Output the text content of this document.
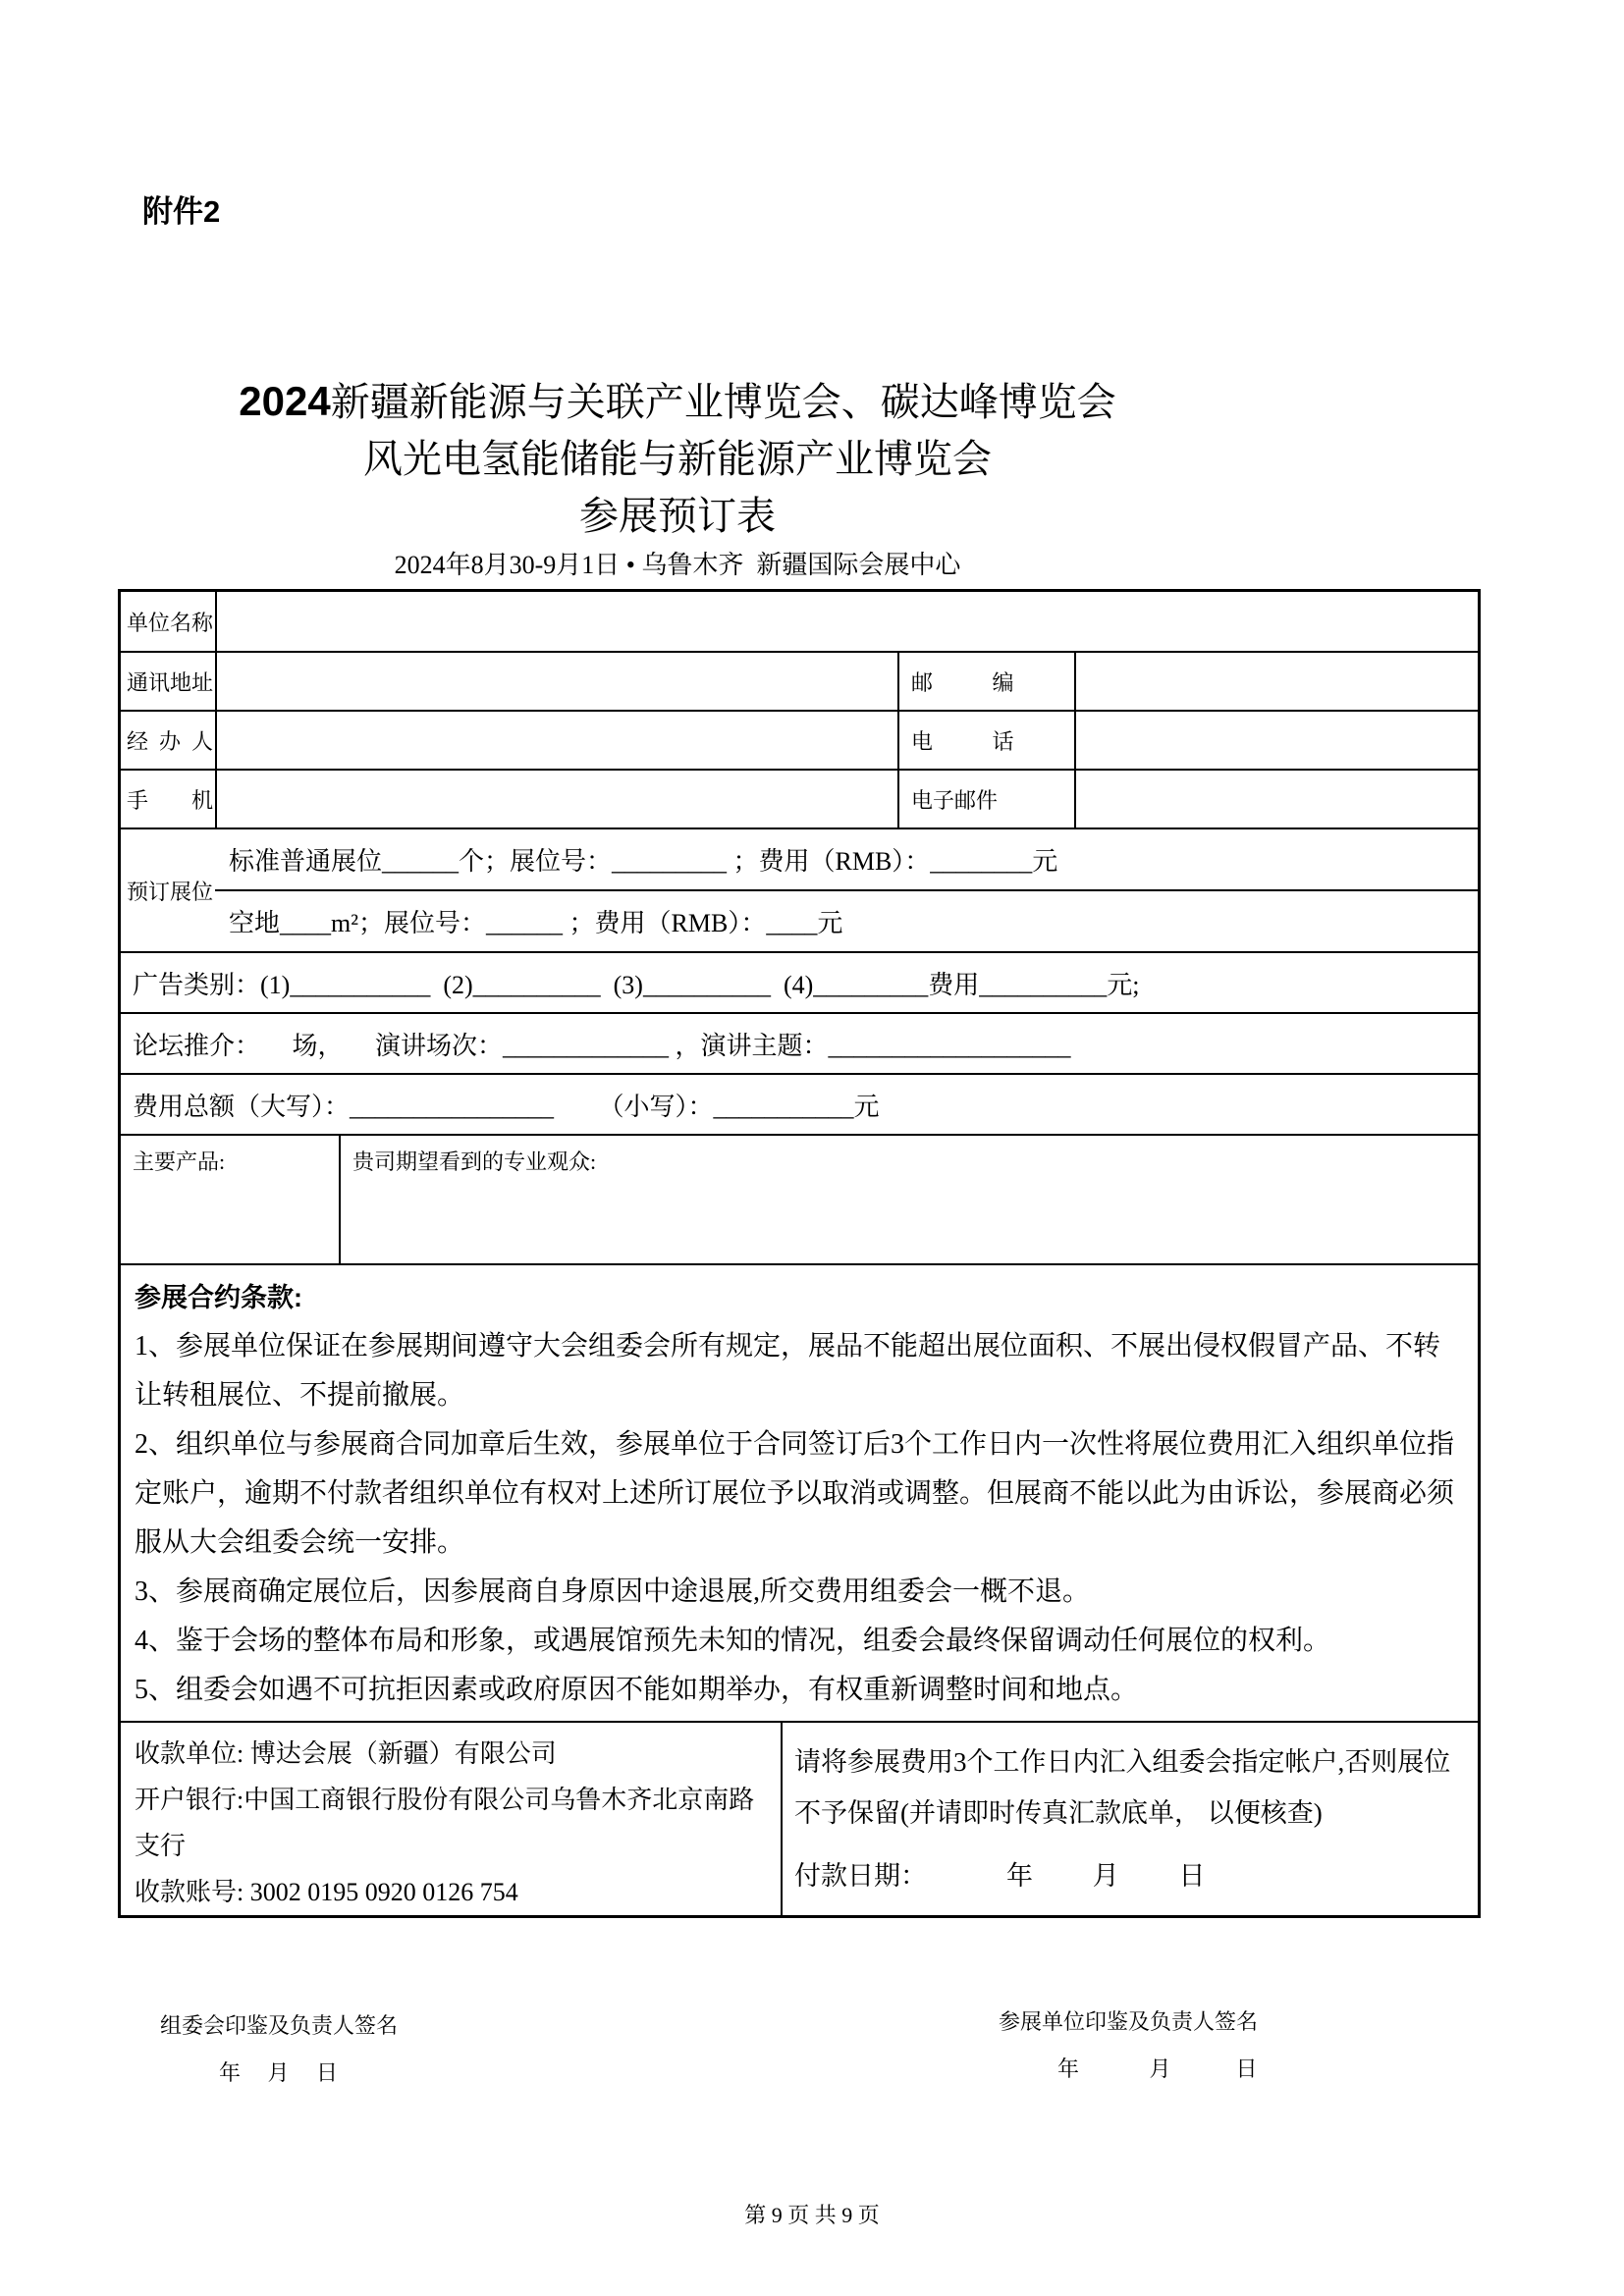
附件2
2024新疆新能源与关联产业博览会、碳达峰博览会
风光电氢能储能与新能源产业博览会
参展预订表
2024年8月30-9月1日 • 乌鲁木齐  新疆国际会展中心
单位名称
通讯地址	邮           编
经  办  人	电           话
手        机	电子邮件
预订展位
标准普通展位______个；展位号：_________ ；费用（RMB）：________元
空地____m²；展位号：______ ；费用（RMB）：____元
广告类别：(1)___________  (2)__________  (3)__________  (4)_________费用__________元;
论坛推介：     场，     演讲场次：_____________ ，演讲主题：___________________
费用总额（大写）：________________       （小写）：___________元
主要产品:	贵司期望看到的专业观众:
参展合约条款:
1、参展单位保证在参展期间遵守大会组委会所有规定，展品不能超出展位面积、不展出侵权假冒产品、不转让转租展位、不提前撤展。
2、组织单位与参展商合同加章后生效，参展单位于合同签订后3个工作日内一次性将展位费用汇入组织单位指定账户，逾期不付款者组织单位有权对上述所订展位予以取消或调整。但展商不能以此为由诉讼，参展商必须服从大会组委会统一安排。
3、参展商确定展位后，因参展商自身原因中途退展,所交费用组委会一概不退。
4、鉴于会场的整体布局和形象，或遇展馆预先未知的情况，组委会最终保留调动任何展位的权利。
5、组委会如遇不可抗拒因素或政府原因不能如期举办，有权重新调整时间和地点。
收款单位: 博达会展（新疆）有限公司
开户银行:中国工商银行股份有限公司乌鲁木齐北京南路支行
收款账号: 3002 0195 0920 0126 754
请将参展费用3个工作日内汇入组委会指定帐户,否则展位不予保留(并请即时传真汇款底单， 以便核查)
付款日期：            年         月         日
组委会印鉴及负责人签名
年     月     日
参展单位印鉴及负责人签名
年             月            日
第 9 页 共 9 页
